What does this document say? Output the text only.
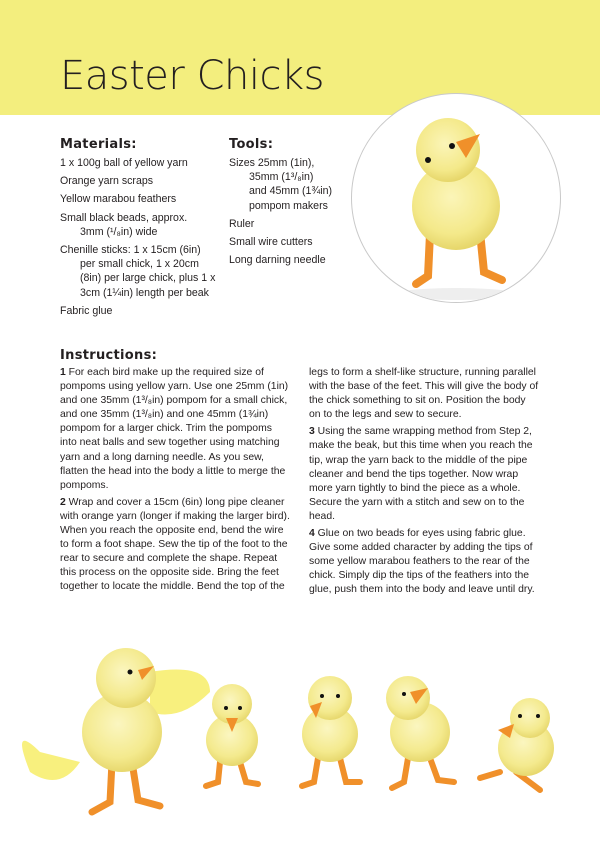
Easter Chicks
Materials:
1 x 100g ball of yellow yarn
Orange yarn scraps
Yellow marabou feathers
Small black beads, approx.
3mm (¹/₈in) wide
Chenille sticks: 1 x 15cm (6in)
per small chick, 1 x 20cm
(8in) per large chick, plus 1 x
3cm (1¼in) length per beak
Fabric glue
Tools:
Sizes 25mm (1in),
35mm (1³/₈in)
and 45mm (1¾in)
pompom makers
Ruler
Small wire cutters
Long darning needle
Instructions:

1 For each bird make up the required size of pompoms using yellow yarn. Use one 25mm (1in) and one 35mm (1³/₈in) pompom for a small chick, and one 35mm (1³/₈in) and one 45mm (1¾in) pompom for a larger chick. Trim the pompoms into neat balls and sew together using matching yarn and a long darning needle. As you sew, flatten the head into the body a little to merge the pompoms.

2 Wrap and cover a 15cm (6in) long pipe cleaner with orange yarn (longer if making the larger bird). When you reach the opposite end, bend the wire to form a foot shape. Sew the tip of the foot to the rear to secure and complete the shape. Repeat this process on the opposite side. Bring the feet together to locate the middle. Bend the top of the legs to form a shelf-like structure, running parallel with the base of the feet. This will give the body of the chick something to sit on. Position the body on to the legs and sew to secure.

3 Using the same wrapping method from Step 2, make the beak, but this time when you reach the tip, wrap the yarn back to the middle of the pipe cleaner and bend the tips together. Now wrap more yarn tightly to bind the piece as a whole. Secure the yarn with a stitch and sew on to the head.

4 Glue on two beads for eyes using fabric glue. Give some added character by adding the tips of some yellow marabou feathers to the rear of the chick. Simply dip the tips of the feathers into the glue, push them into the body and leave until dry.
